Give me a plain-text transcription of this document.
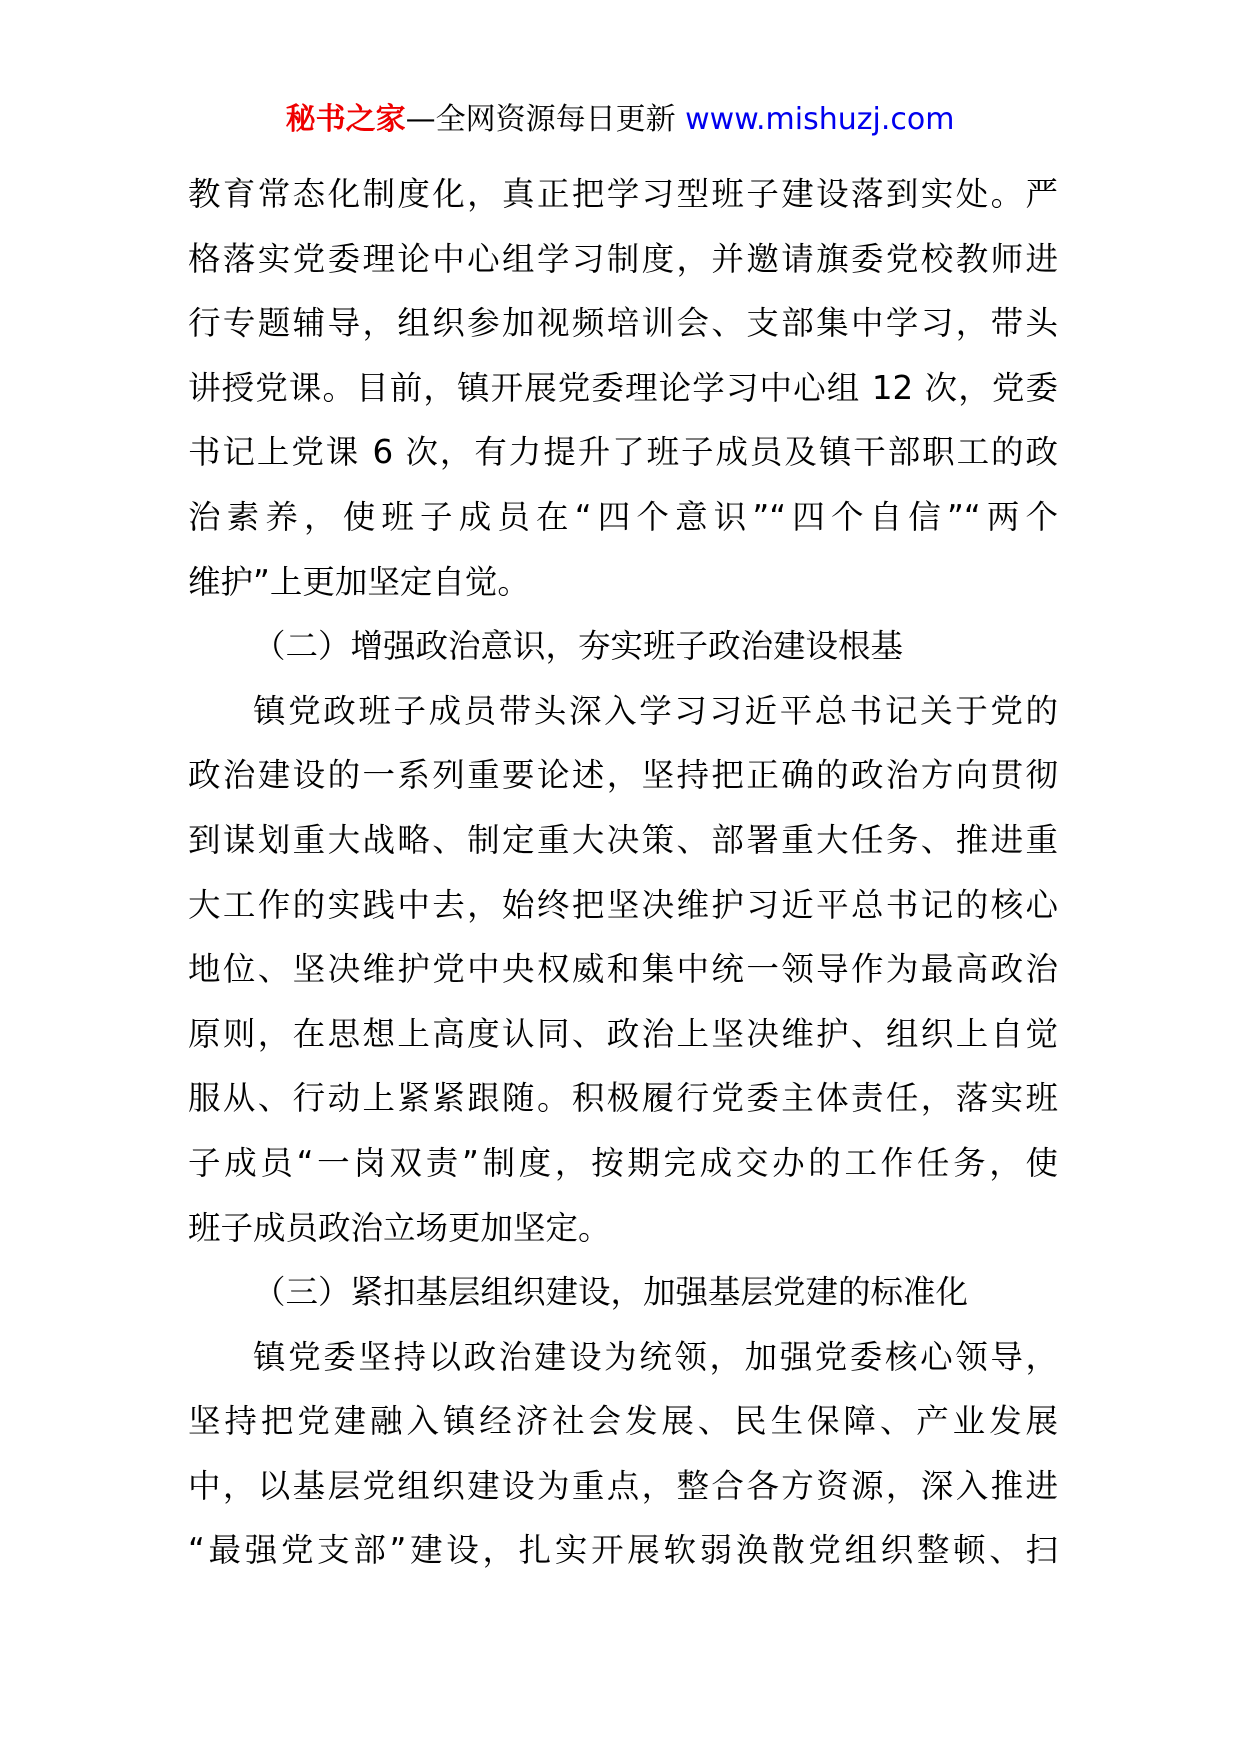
秘书之家—全网资源每日更新 www.mishuzj.com
教育常态化制度化，真正把学习型班子建设落到实处。严
格落实党委理论中心组学习制度，并邀请旗委党校教师进
行专题辅导，组织参加视频培训会、支部集中学习，带头
讲授党课。目前，镇开展党委理论学习中心组 12 次，党委
书记上党课 6 次，有力提升了班子成员及镇干部职工的政
治素养，使班子成员在“四个意识”“四个自信”“两个
维护”上更加坚定自觉。
（二）增强政治意识，夯实班子政治建设根基
镇党政班子成员带头深入学习习近平总书记关于党的
政治建设的一系列重要论述，坚持把正确的政治方向贯彻
到谋划重大战略、制定重大决策、部署重大任务、推进重
大工作的实践中去，始终把坚决维护习近平总书记的核心
地位、坚决维护党中央权威和集中统一领导作为最高政治
原则，在思想上高度认同、政治上坚决维护、组织上自觉
服从、行动上紧紧跟随。积极履行党委主体责任，落实班
子成员“一岗双责”制度，按期完成交办的工作任务，使
班子成员政治立场更加坚定。
（三）紧扣基层组织建设，加强基层党建的标准化
镇党委坚持以政治建设为统领，加强党委核心领导，
坚持把党建融入镇经济社会发展、民生保障、产业发展
中，以基层党组织建设为重点，整合各方资源，深入推进
“最强党支部”建设，扎实开展软弱涣散党组织整顿、扫
